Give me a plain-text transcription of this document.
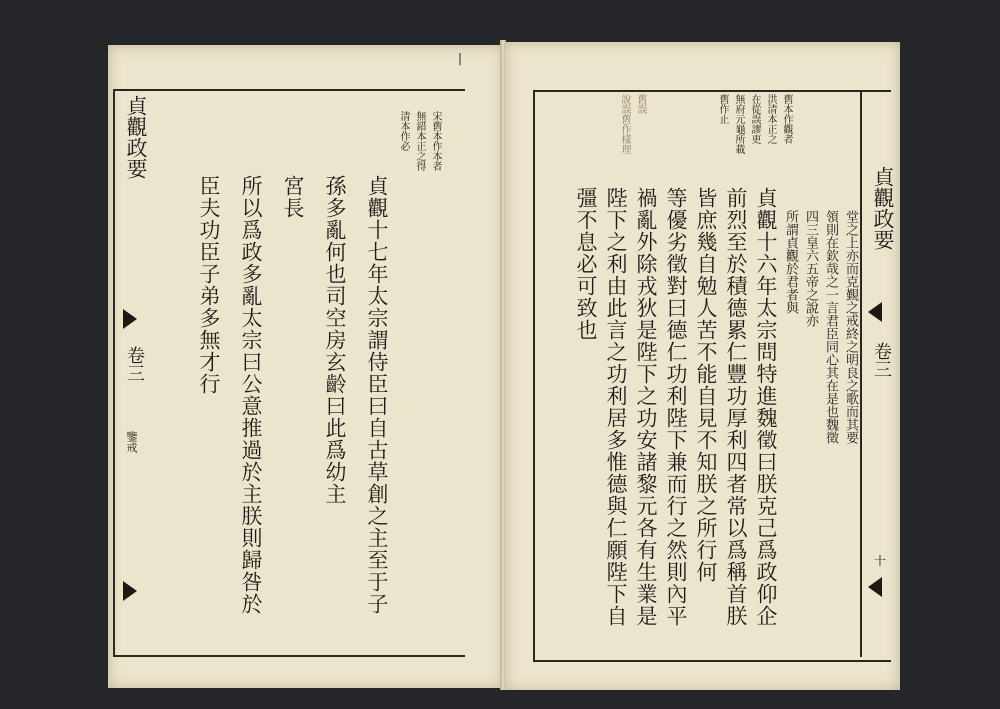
|
貞觀政要
卷三
鑒戒
宋舊本作本者
無錯本正之得
清本作必
貞觀十七年太宗謂侍臣曰自古草創之主至于子
孫多亂何也司空房玄齡曰此爲幼主
宮長
所以爲政多亂太宗曰公意推過於主朕則歸咎於
臣夫功臣子弟多無才行	貞觀政要
卷三
十
舊本作觀者
洪清本正之
在從誤謬更
無府元龜所載
舊作止
舊誤
說誤舊作樣理
堂之上亦而克覲之戒終之明良之歌而其要
領則在欽哉之一言君臣同心其在是也魏徵
四三皇六五帝之說亦
所謂貞觀於君者與
貞觀十六年太宗問特進魏徵曰朕克己爲政仰企
前烈至於積德累仁豐功厚利四者常以爲稱首朕
皆庶幾自勉人苦不能自見不知朕之所行何
等優劣徵對曰德仁功利陛下兼而行之然則內平
禍亂外除戎狄是陛下之功安諸黎元各有生業是
陛下之利由此言之功利居多惟德與仁願陛下自
彊不息必可致也
